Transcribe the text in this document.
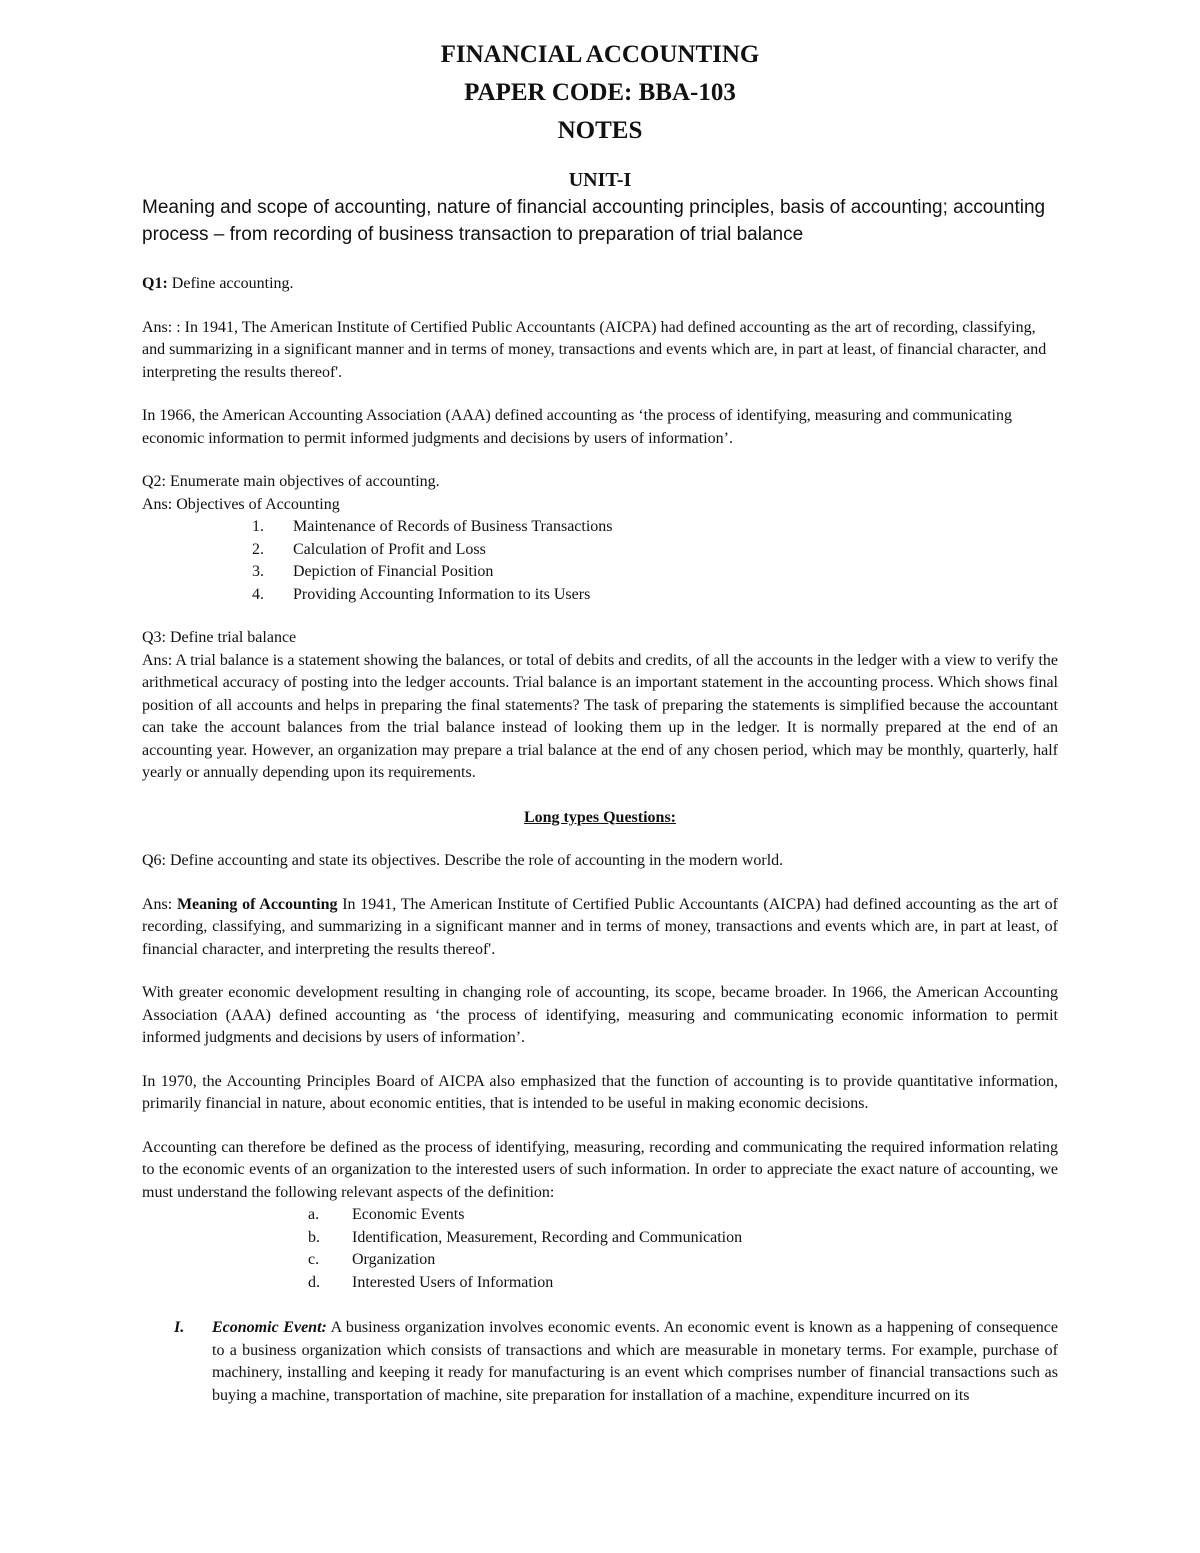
FINANCIAL ACCOUNTING

PAPER CODE: BBA-103

NOTES

UNIT-I

Meaning and scope of accounting, nature of financial accounting principles, basis of accounting; accounting process – from recording of business transaction to preparation of trial balance

Q1: Define accounting.

Ans: : In 1941, The American Institute of Certified Public Accountants (AICPA) had defined accounting as the art of recording, classifying, and summarizing in a significant manner and in terms of money, transactions and events which are, in part at least, of financial character, and interpreting the results thereof'.

In 1966, the American Accounting Association (AAA) defined accounting as ‘the process of identifying, measuring and communicating economic information to permit informed judgments and decisions by users of information’.

Q2: Enumerate main objectives of accounting.

Ans: Objectives of Accounting

1. Maintenance of Records of Business Transactions
2. Calculation of Profit and Loss
3. Depiction of Financial Position
4. Providing Accounting Information to its Users

Q3: Define trial balance

Ans: A trial balance is a statement showing the balances, or total of debits and credits, of all the accounts in the ledger with a view to verify the arithmetical accuracy of posting into the ledger accounts. Trial balance is an important statement in the accounting process. Which shows final position of all accounts and helps in preparing the final statements? The task of preparing the statements is simplified because the accountant can take the account balances from the trial balance instead of looking them up in the ledger. It is normally prepared at the end of an accounting year. However, an organization may prepare a trial balance at the end of any chosen period, which may be monthly, quarterly, half yearly or annually depending upon its requirements.

Long types Questions:

Q6: Define accounting and state its objectives. Describe the role of accounting in the modern world.

Ans: Meaning of Accounting In 1941, The American Institute of Certified Public Accountants (AICPA) had defined accounting as the art of recording, classifying, and summarizing in a significant manner and in terms of money, transactions and events which are, in part at least, of financial character, and interpreting the results thereof'.

With greater economic development resulting in changing role of accounting, its scope, became broader. In 1966, the American Accounting Association (AAA) defined accounting as ‘the process of identifying, measuring and communicating economic information to permit informed judgments and decisions by users of information’.

In 1970, the Accounting Principles Board of AICPA also emphasized that the function of accounting is to provide quantitative information, primarily financial in nature, about economic entities, that is intended to be useful in making economic decisions.

Accounting can therefore be defined as the process of identifying, measuring, recording and communicating the required information relating to the economic events of an organization to the interested users of such information. In order to appreciate the exact nature of accounting, we must understand the following relevant aspects of the definition:

a. Economic Events
b. Identification, Measurement, Recording and Communication
c. Organization
d. Interested Users of Information

I. Economic Event: A business organization involves economic events. An economic event is known as a happening of consequence to a business organization which consists of transactions and which are measurable in monetary terms. For example, purchase of machinery, installing and keeping it ready for manufacturing is an event which comprises number of financial transactions such as buying a machine, transportation of machine, site preparation for installation of a machine, expenditure incurred on its
